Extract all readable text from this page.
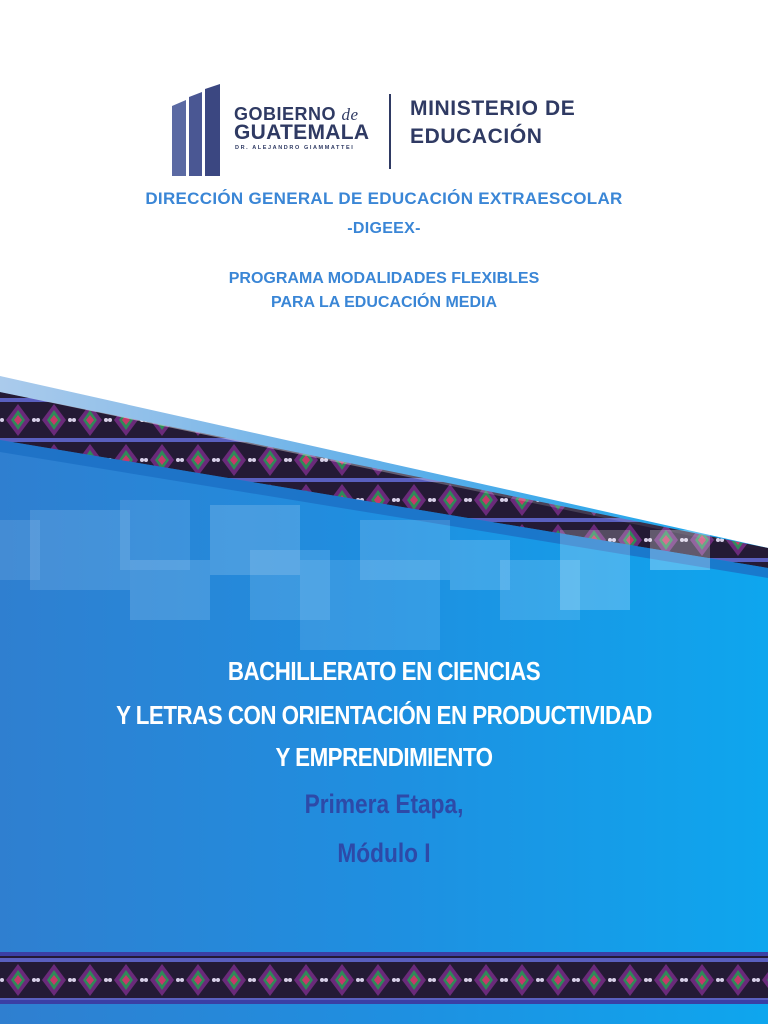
GOBIERNO de
GUATEMALA
DR. ALEJANDRO GIAMMATTEI
MINISTERIO DE
EDUCACIÓN
DIRECCIÓN GENERAL DE EDUCACIÓN EXTRAESCOLAR
-DIGEEX-
PROGRAMA MODALIDADES FLEXIBLES
PARA LA EDUCACIÓN MEDIA
BACHILLERATO EN CIENCIAS
Y LETRAS CON ORIENTACIÓN EN PRODUCTIVIDAD
Y EMPRENDIMIENTO
Primera Etapa,
Módulo I
